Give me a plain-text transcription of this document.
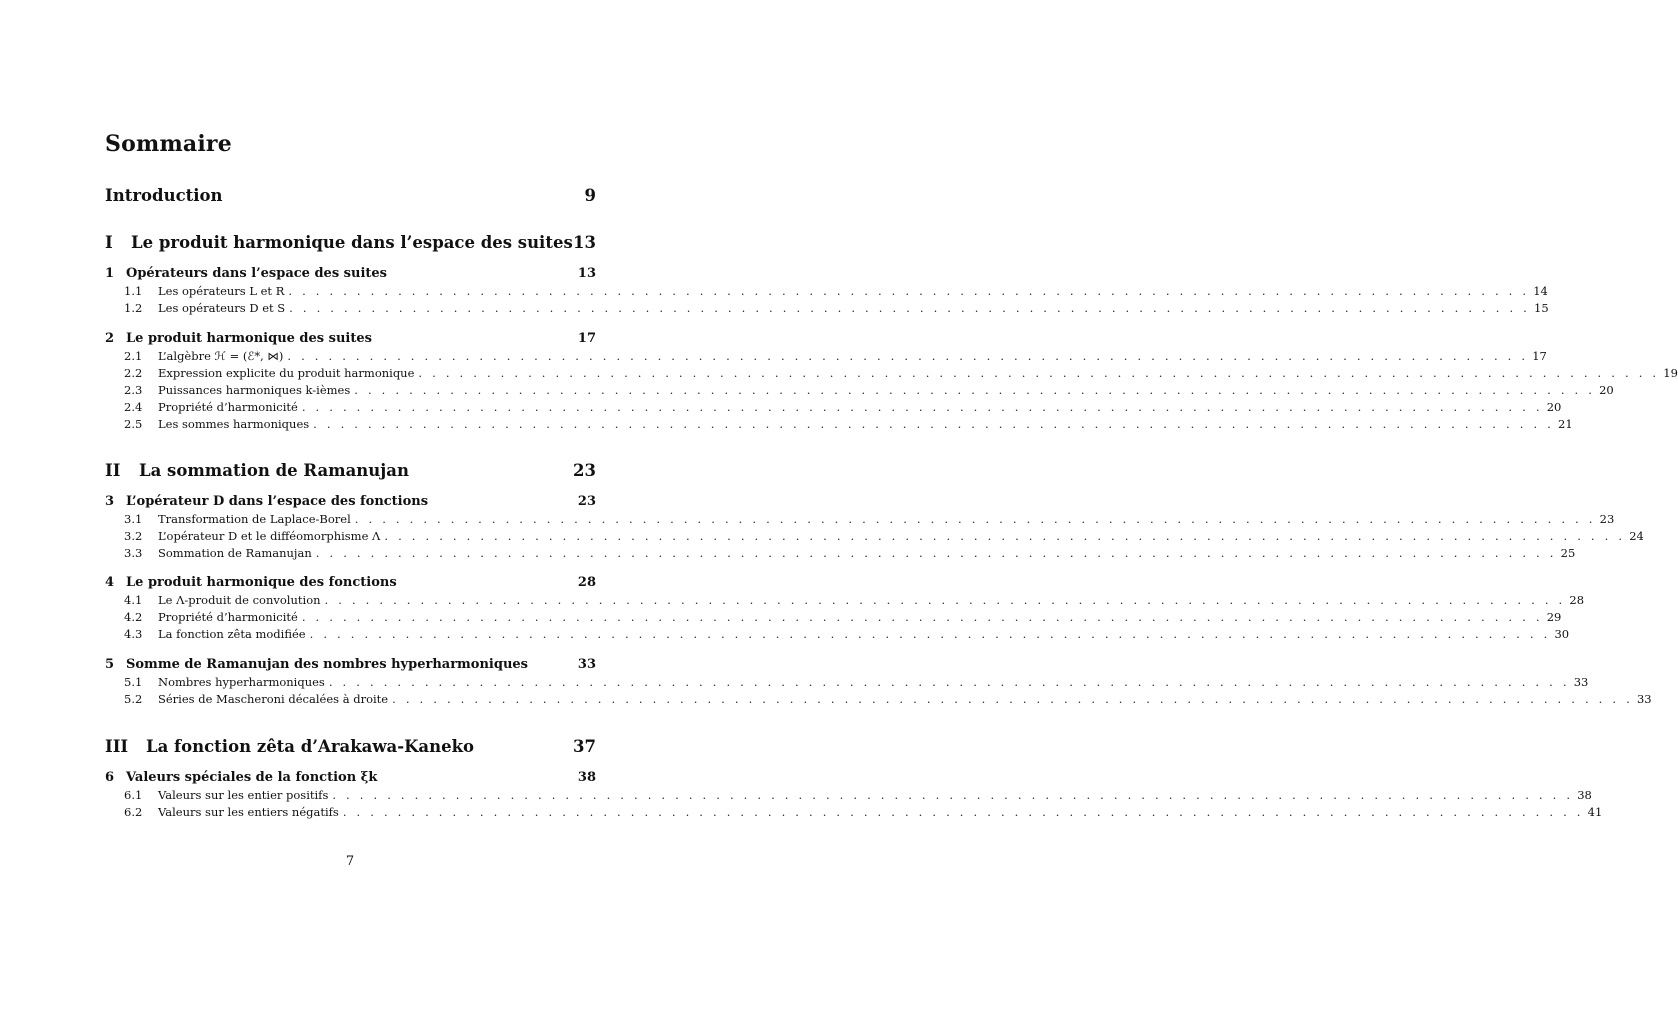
Sommaire
Introduction	9
I	Le produit harmonique dans l’espace des suites 13
1 Opérateurs dans l’espace des suites	13
1.1	Les opérateurs L et R . . .	14
1.2	Les opérateurs D et S . . .	15
2 Le produit harmonique des suites	17
2.1	L’algèbre ℋ = (ℰ*, ⋈) . . .	17
2.2	Expression explicite du produit harmonique . . .	19
2.3	Puissances harmoniques k-ièmes . . .	20
2.4	Propriété d’harmonicité . . .	20
2.5	Les sommes harmoniques . . .	21
II	La sommation de Ramanujan	23
3 L’opérateur D dans l’espace des fonctions	23
3.1	Transformation de Laplace-Borel . . .	23
3.2	L’opérateur D et le difféomorphisme Λ . . .	24
3.3	Sommation de Ramanujan . . .	25
4 Le produit harmonique des fonctions	28
4.1	Le Λ-produit de convolution . . .	28
4.2	Propriété d’harmonicité . . .	29
4.3	La fonction zêta modifiée . . .	30
5 Somme de Ramanujan des nombres hyperharmoniques	33
5.1	Nombres hyperharmoniques . . .	33
5.2	Séries de Mascheroni décalées à droite . . .	33
III	La fonction zêta d’Arakawa-Kaneko	37
6 Valeurs spéciales de la fonction ξk	38
6.1	Valeurs sur les entier positifs . . .	38
6.2	Valeurs sur les entiers négatifs . . .	41
7
